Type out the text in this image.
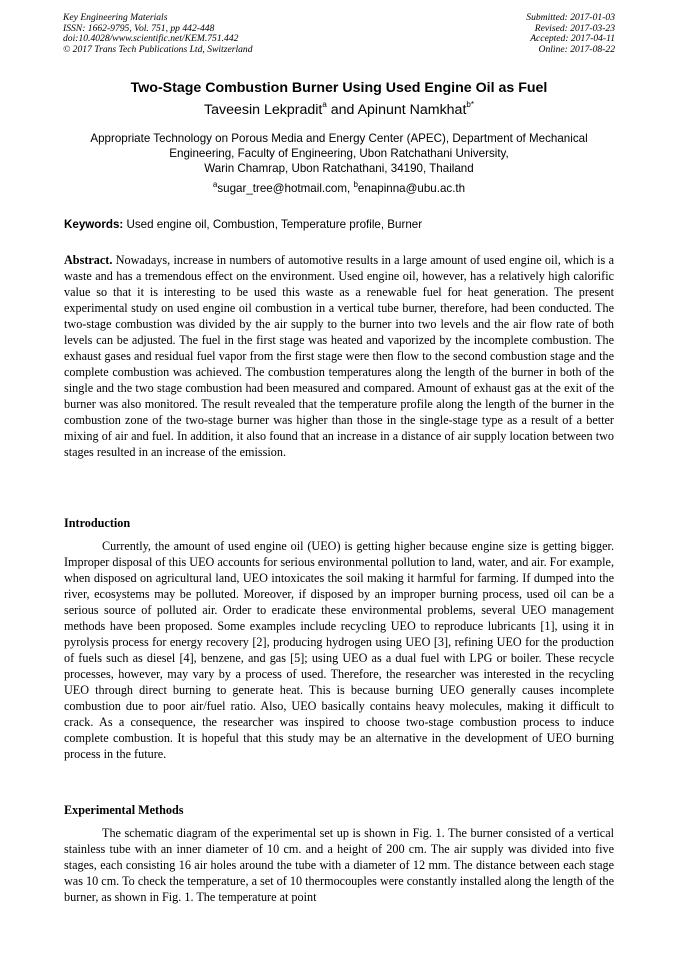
Key Engineering Materials
ISSN: 1662-9795, Vol. 751, pp 442-448
doi:10.4028/www.scientific.net/KEM.751.442
© 2017 Trans Tech Publications Ltd, Switzerland
Submitted: 2017-01-03
Revised: 2017-03-23
Accepted: 2017-04-11
Online: 2017-08-22
Two-Stage Combustion Burner Using Used Engine Oil as Fuel
Taveesin Lekpradit$^a$ and Apinunt Namkhat$^{b*}$
Appropriate Technology on Porous Media and Energy Center (APEC), Department of Mechanical
Engineering, Faculty of Engineering, Ubon Ratchathani University,
Warin Chamrap, Ubon Ratchathani, 34190, Thailand
$^a$sugar_tree@hotmail.com, $^b$enapinna@ubu.ac.th
Keywords: Used engine oil, Combustion, Temperature profile, Burner

Abstract. Nowadays, increase in numbers of automotive results in a large amount of used engine oil, which is a waste and has a tremendous effect on the environment. Used engine oil, however, has a relatively high calorific value so that it is interesting to be used this waste as a renewable fuel for heat generation. The present experimental study on used engine oil combustion in a vertical tube burner, therefore, had been conducted. The two-stage combustion was divided by the air supply to the burner into two levels and the air flow rate of both levels can be adjusted. The fuel in the first stage was heated and vaporized by the incomplete combustion. The exhaust gases and residual fuel vapor from the first stage were then flow to the second combustion stage and the complete combustion was achieved. The combustion temperatures along the length of the burner in both of the single and the two stage combustion had been measured and compared. Amount of exhaust gas at the exit of the burner was also monitored. The result revealed that the temperature profile along the length of the burner in the combustion zone of the two-stage burner was higher than those in the single-stage type as a result of a better mixing of air and fuel. In addition, it also found that an increase in a distance of air supply location between two stages resulted in an increase of the emission.

Introduction

Currently, the amount of used engine oil (UEO) is getting higher because engine size is getting bigger. Improper disposal of this UEO accounts for serious environmental pollution to land, water, and air. For example, when disposed on agricultural land, UEO intoxicates the soil making it harmful for farming. If dumped into the river, ecosystems may be polluted. Moreover, if disposed by an improper burning process, used oil can be a serious source of polluted air. Order to eradicate these environmental problems, several UEO management methods have been proposed. Some examples include recycling UEO to reproduce lubricants [1], using it in pyrolysis process for energy recovery [2], producing hydrogen using UEO [3], refining UEO for the production of fuels such as diesel [4], benzene, and gas [5]; using UEO as a dual fuel with LPG or boiler. These recycle processes, however, may vary by a process of used. Therefore, the researcher was interested in the recycling UEO through direct burning to generate heat. This is because burning UEO generally causes incomplete combustion due to poor air/fuel ratio. Also, UEO basically contains heavy molecules, making it difficult to crack. As a consequence, the researcher was inspired to choose two-stage combustion process to induce complete combustion. It is hopeful that this study may be an alternative in the development of UEO burning process in the future.

Experimental Methods

The schematic diagram of the experimental set up is shown in Fig. 1. The burner consisted of a vertical stainless tube with an inner diameter of 10 cm. and a height of 200 cm. The air supply was divided into five stages, each consisting 16 air holes around the tube with a diameter of 12 mm. The distance between each stage was 10 cm. To check the temperature, a set of 10 thermocouples were constantly installed along the length of the burner, as shown in Fig. 1. The temperature at point
